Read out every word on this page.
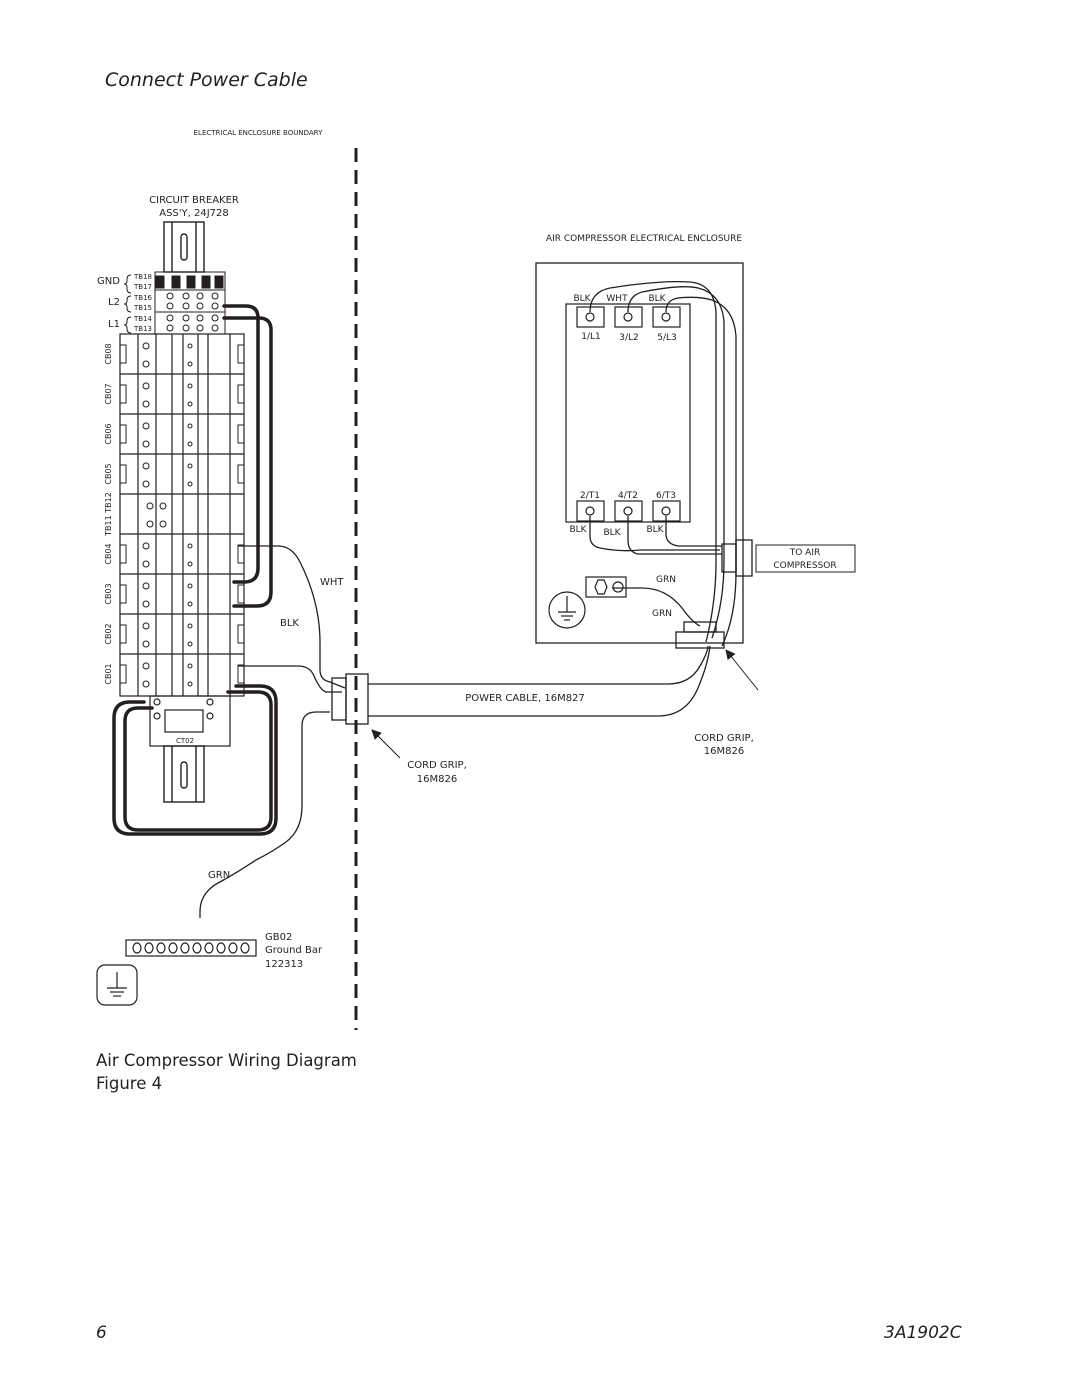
Connect Power Cable
ELECTRICAL ENCLOSURE BOUNDARY
CIRCUIT BREAKER
ASS'Y, 24J728
GND
L2
L1
TB18
TB17
TB16
TB15
TB14
TB13
CB08
CB07
CB06
CB05
TB11 TB12
CB04
CB03
CB02
CB01
CT02
WHT
BLK
GRN
GB02
Ground Bar
122313
CORD GRIP,
16M826
POWER CABLE, 16M827
AIR COMPRESSOR ELECTRICAL ENCLOSURE
BLK WHT BLK
1/L1 3/L2 5/L3
2/T1 4/T2 6/T3
BLK BLK	BLK
TO AIR
COMPRESSOR
GRN
GRN
CORD GRIP,
16M826
Air Compressor Wiring Diagram
Figure 4
6	3A1902C
